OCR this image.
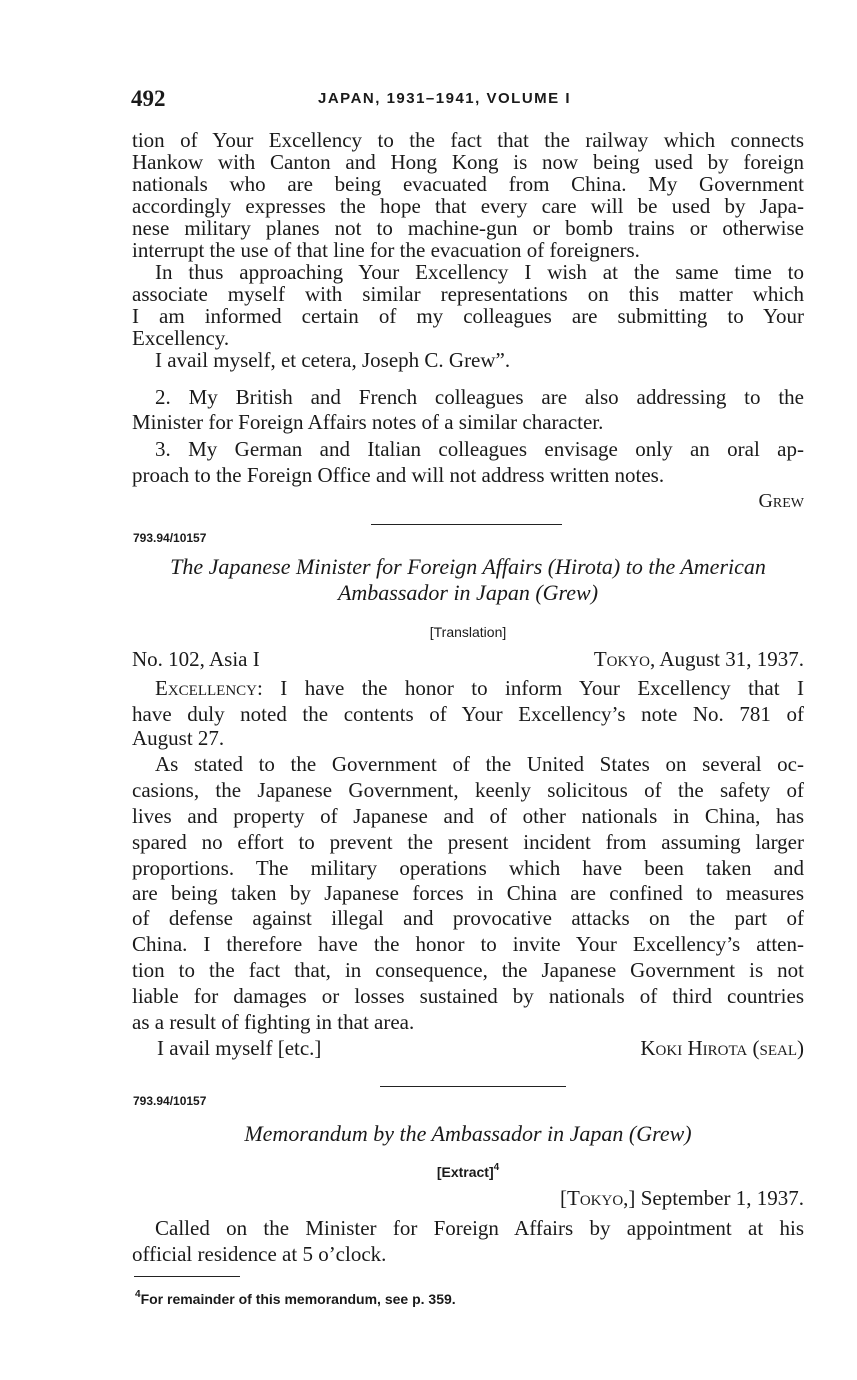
492	JAPAN, 1931–1941, VOLUME I
tion of Your Excellency to the fact that the railway which connects
Hankow with Canton and Hong Kong is now being used by foreign
nationals who are being evacuated from China. My Government
accordingly expresses the hope that every care will be used by Japa-
nese military planes not to machine-gun or bomb trains or otherwise
interrupt the use of that line for the evacuation of foreigners.
In thus approaching Your Excellency I wish at the same time to
associate myself with similar representations on this matter which
I am informed certain of my colleagues are submitting to Your
Excellency.
I avail myself, et cetera, Joseph C. Grew”.
2. My British and French colleagues are also addressing to the
Minister for Foreign Affairs notes of a similar character.
3. My German and Italian colleagues envisage only an oral ap-
proach to the Foreign Office and will not address written notes.
Grew
793.94/10157
The Japanese Minister for Foreign Affairs (Hirota) to the American
Ambassador in Japan (Grew)
[Translation]
No. 102, Asia I	Tokyo, August 31, 1937.
Excellency: I have the honor to inform Your Excellency that I
have duly noted the contents of Your Excellency’s note No. 781 of
August 27.
As stated to the Government of the United States on several oc-
casions, the Japanese Government, keenly solicitous of the safety of
lives and property of Japanese and of other nationals in China, has
spared no effort to prevent the present incident from assuming larger
proportions. The military operations which have been taken and
are being taken by Japanese forces in China are confined to measures
of defense against illegal and provocative attacks on the part of
China. I therefore have the honor to invite Your Excellency’s atten-
tion to the fact that, in consequence, the Japanese Government is not
liable for damages or losses sustained by nationals of third countries
as a result of fighting in that area.
I avail myself [etc.]	Koki Hirota (seal)
793.94/10157
Memorandum by the Ambassador in Japan (Grew)
[Extract]$^4$
[Tokyo,] September 1, 1937.
Called on the Minister for Foreign Affairs by appointment at his
official residence at 5 o’clock.
$^4$For remainder of this memorandum, see p. 359.
